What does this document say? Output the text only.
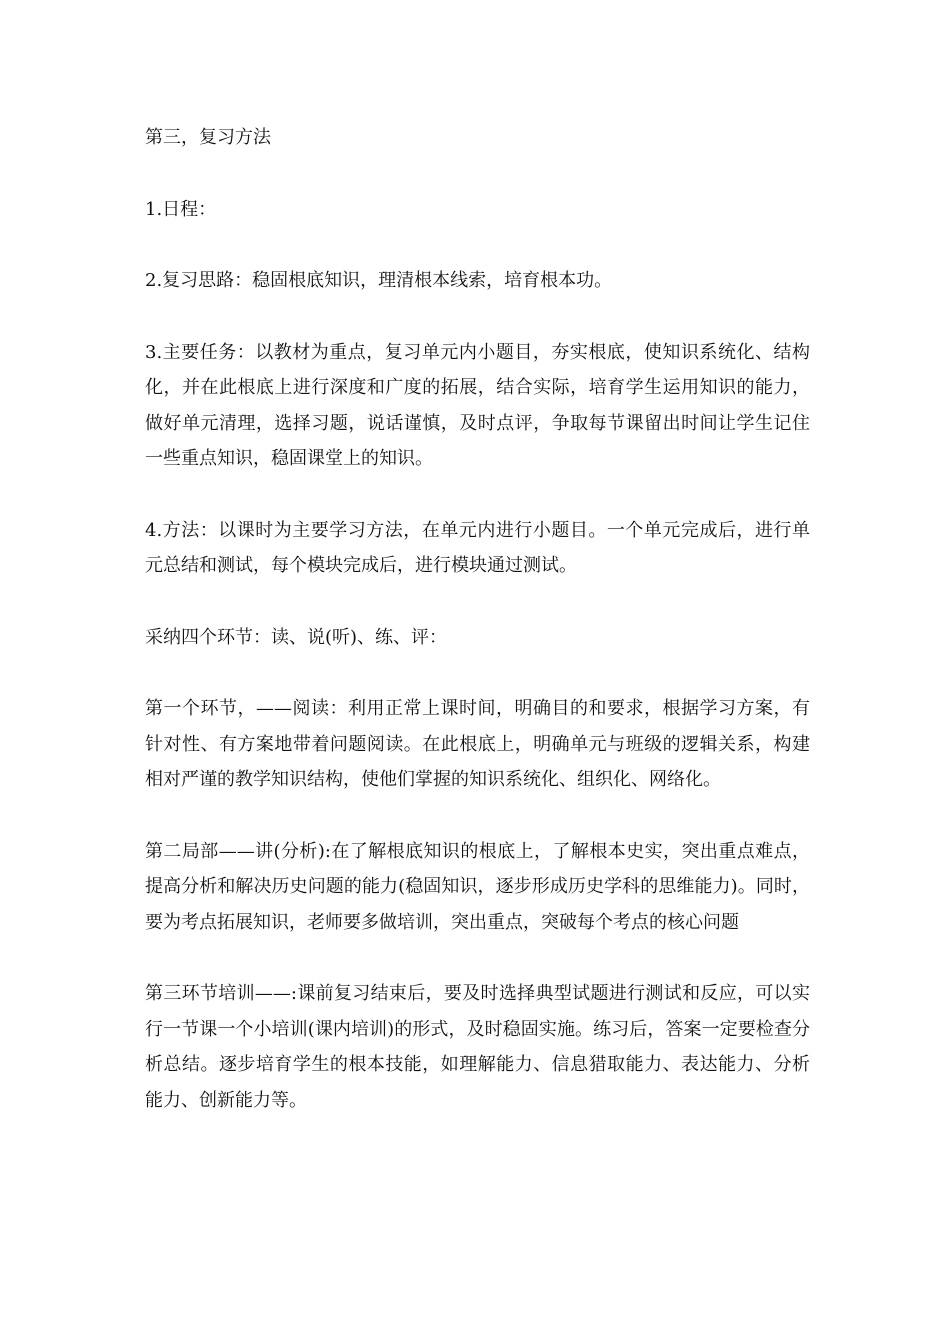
第三，复习方法

1.日程：

2.复习思路：稳固根底知识，理清根本线索，培育根本功。

3.主要任务：以教材为重点，复习单元内小题目，夯实根底，使知识系统化、结构化，并在此根底上进行深度和广度的拓展，结合实际，培育学生运用知识的能力，做好单元清理，选择习题，说话谨慎，及时点评，争取每节课留出时间让学生记住一些重点知识，稳固课堂上的知识。

4.方法：以课时为主要学习方法，在单元内进行小题目。一个单元完成后，进行单元总结和测试，每个模块完成后，进行模块通过测试。

采纳四个环节：读、说(听)、练、评：

第一个环节，——阅读：利用正常上课时间，明确目的和要求，根据学习方案，有针对性、有方案地带着问题阅读。在此根底上，明确单元与班级的逻辑关系，构建相对严谨的教学知识结构，使他们掌握的知识系统化、组织化、网络化。

第二局部——讲(分析):在了解根底知识的根底上，了解根本史实，突出重点难点，提高分析和解决历史问题的能力(稳固知识，逐步形成历史学科的思维能力)。同时，要为考点拓展知识，老师要多做培训，突出重点，突破每个考点的核心问题

第三环节培训——:课前复习结束后，要及时选择典型试题进行测试和反应，可以实行一节课一个小培训(课内培训)的形式，及时稳固实施。练习后，答案一定要检查分析总结。逐步培育学生的根本技能，如理解能力、信息猎取能力、表达能力、分析能力、创新能力等。
